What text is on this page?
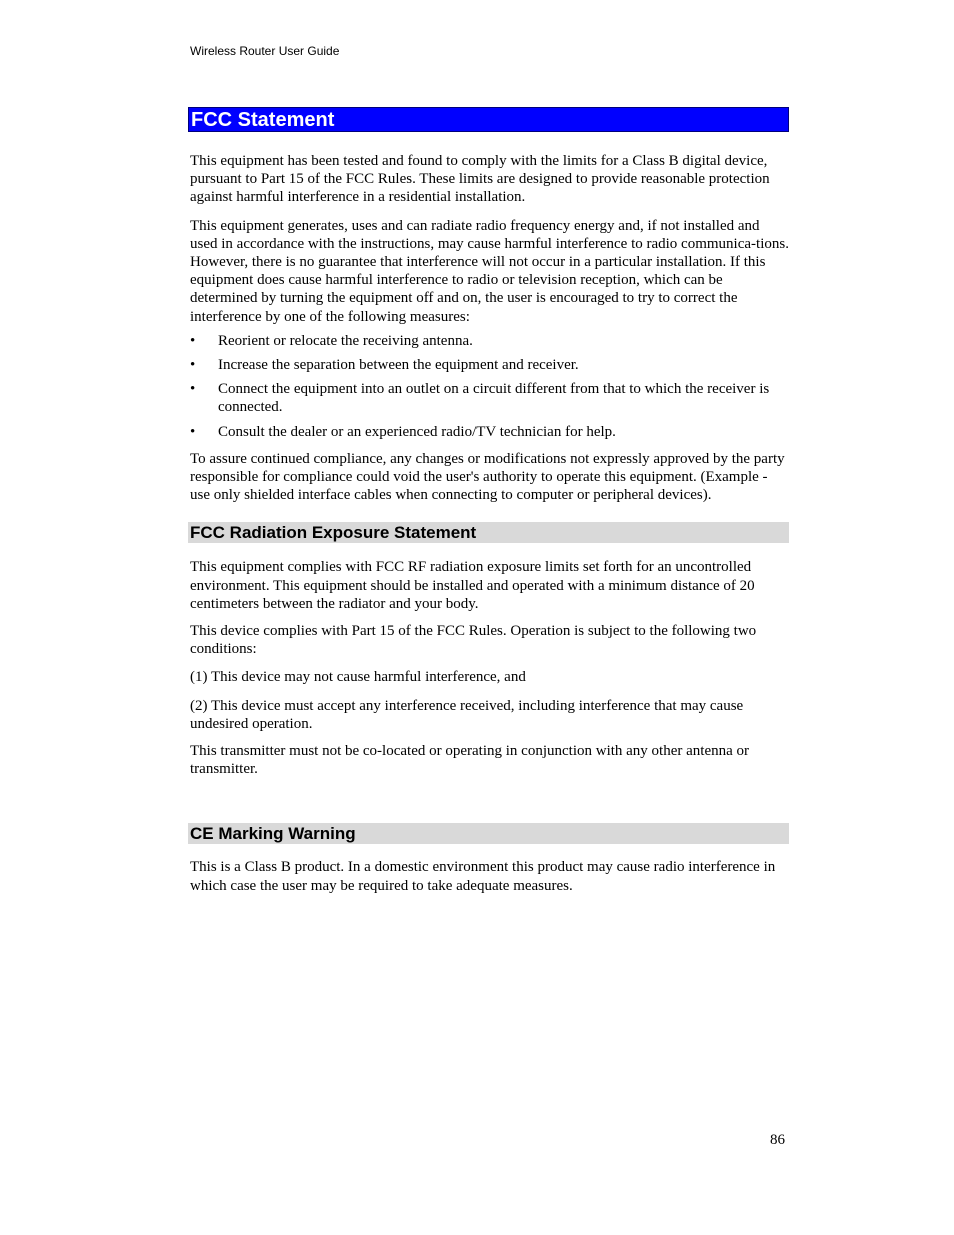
Wireless Router User Guide

FCC Statement

This equipment has been tested and found to comply with the limits for a Class B digital device, pursuant to Part 15 of the FCC Rules. These limits are designed to provide reasonable protection against harmful interference in a residential installation.

This equipment generates, uses and can radiate radio frequency energy and, if not installed and used in accordance with the instructions, may cause harmful interference to radio communica-tions. However, there is no guarantee that interference will not occur in a particular installation. If this equipment does cause harmful interference to radio or television reception, which can be determined by turning the equipment off and on, the user is encouraged to try to correct the interference by one of the following measures:

• Reorient or relocate the receiving antenna.
• Increase the separation between the equipment and receiver.
• Connect the equipment into an outlet on a circuit different from that to which the receiver is connected.
• Consult the dealer or an experienced radio/TV technician for help.

To assure continued compliance, any changes or modifications not expressly approved by the party responsible for compliance could void the user's authority to operate this equipment. (Example - use only shielded interface cables when connecting to computer or peripheral devices).

FCC Radiation Exposure Statement

This equipment complies with FCC RF radiation exposure limits set forth for an uncontrolled environment. This equipment should be installed and operated with a minimum distance of 20 centimeters between the radiator and your body.

This device complies with Part 15 of the FCC Rules. Operation is subject to the following two conditions:

(1) This device may not cause harmful interference, and

(2) This device must accept any interference received, including interference that may cause undesired operation.

This transmitter must not be co-located or operating in conjunction with any other antenna or transmitter.

CE Marking Warning

This is a Class B product. In a domestic environment this product may cause radio interference in which case the user may be required to take adequate measures.

86
